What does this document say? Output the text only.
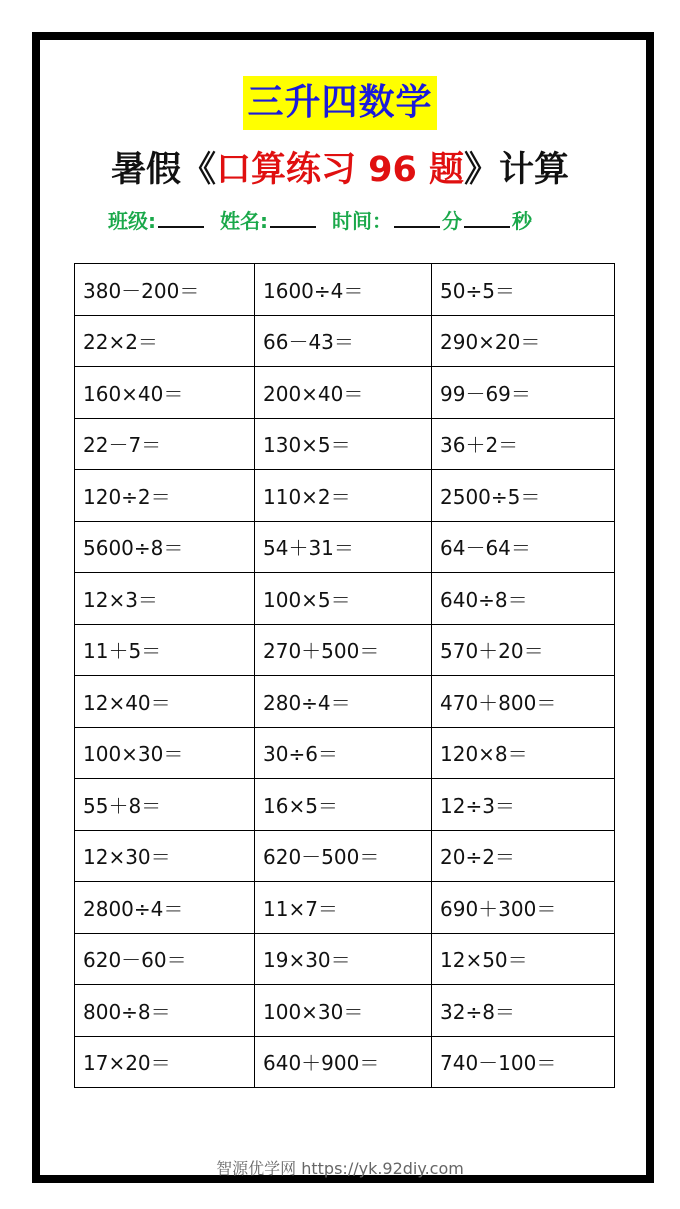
三升四数学
暑假《口算练习 96 题》计算
班级:	姓名:	时间：	分	秒
380－200＝	1600÷4＝	50÷5＝
22×2＝	66－43＝	290×20＝
160×40＝	200×40＝	99－69＝
22－7＝	130×5＝	36＋2＝
120÷2＝	110×2＝	2500÷5＝
5600÷8＝	54＋31＝	64－64＝
12×3＝	100×5＝	640÷8＝
11＋5＝	270＋500＝	570＋20＝
12×40＝	280÷4＝	470＋800＝
100×30＝	30÷6＝	120×8＝
55＋8＝	16×5＝	12÷3＝
12×30＝	620－500＝	20÷2＝
2800÷4＝	11×7＝	690＋300＝
620－60＝	19×30＝	12×50＝
800÷8＝	100×30＝	32÷8＝
17×20＝	640＋900＝	740－100＝
智源优学网 https://yk.92diy.com
